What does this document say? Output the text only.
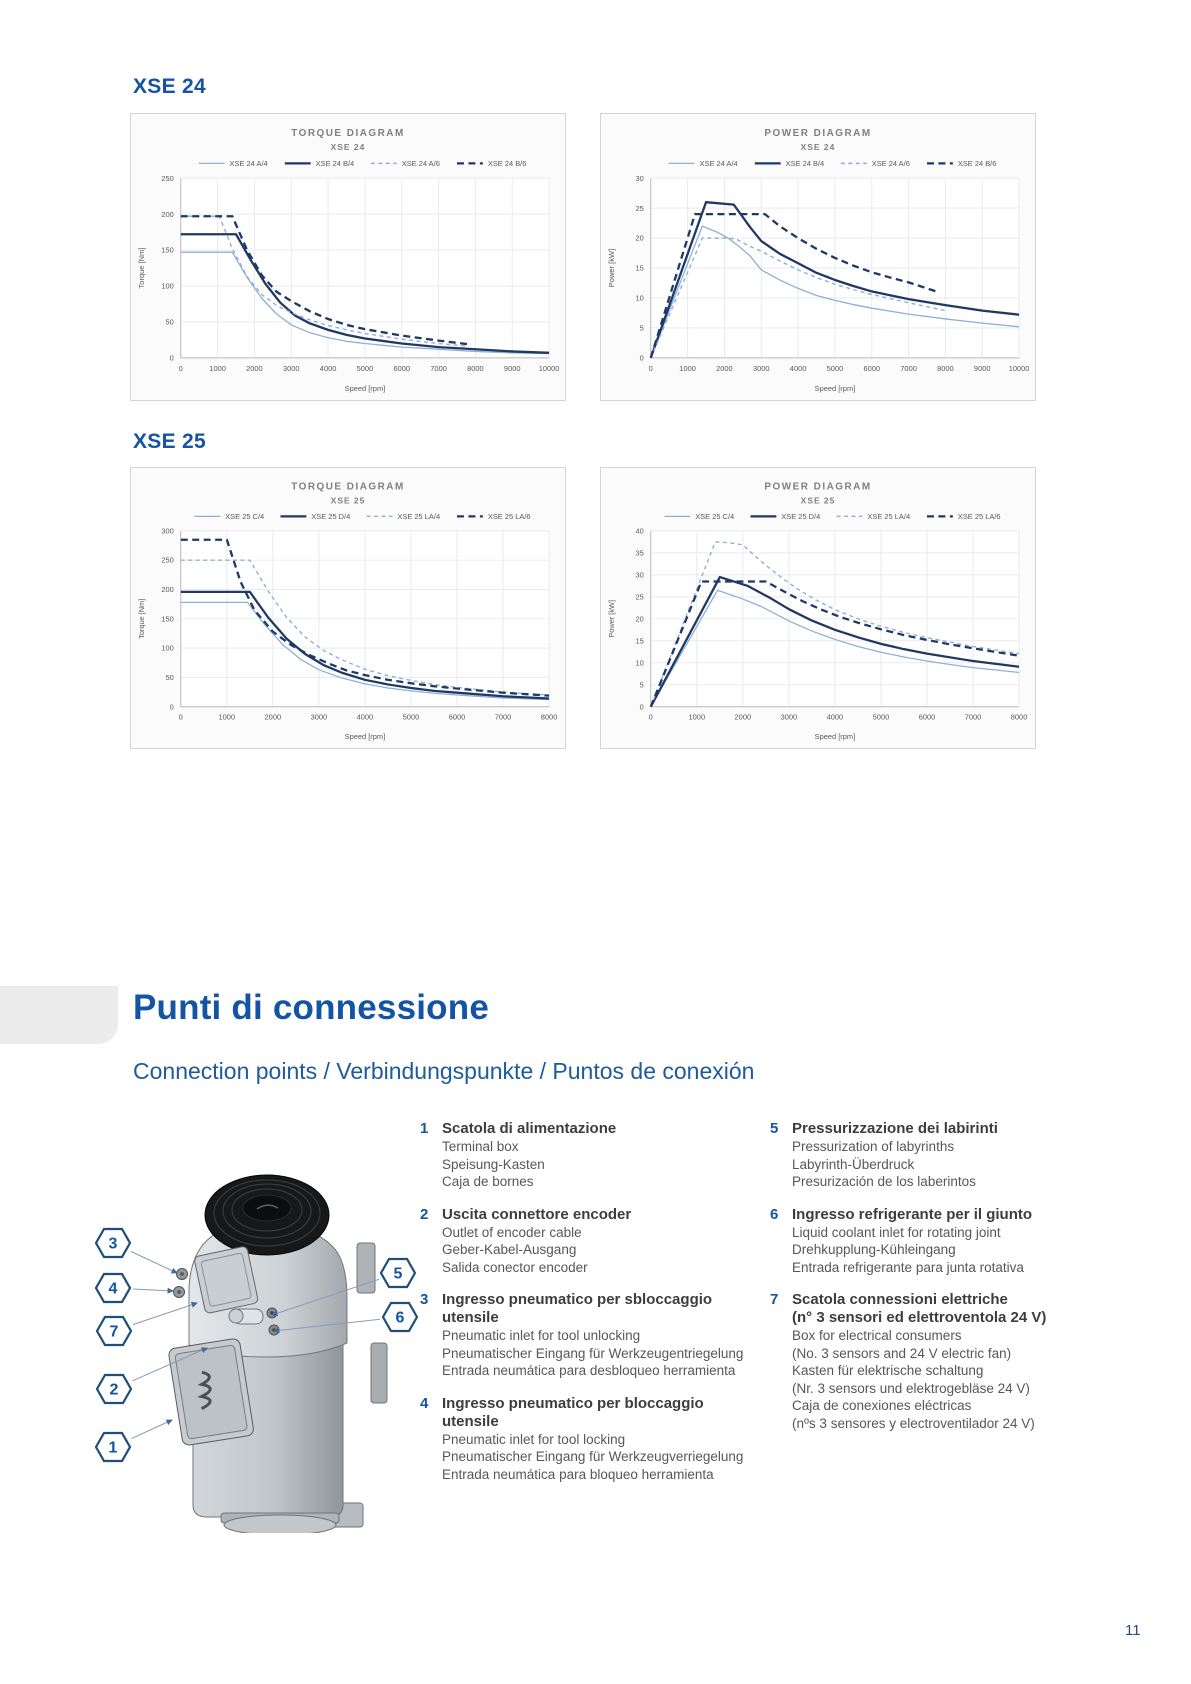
XSE 24
XSE 25
0	1000	2000	3000	4000	5000	6000	7000	8000	9000 10000
0
50
100
150
200
250
TORQUE DIAGRAM
XSE 24
XSE 24 A/4	XSE 24 B/4	XSE 24 A/6	XSE 24 B/6
Speed [rpm]
Torque [Nm]
0	1000	2000	3000	4000	5000	6000	7000	8000	9000 10000
0
5
10
15
20
25
30
POWER DIAGRAM
XSE 24
XSE 24 A/4	XSE 24 B/4	XSE 24 A/6	XSE 24 B/6
Speed [rpm]
Power [kW]
0	1000	2000	3000	4000	5000	6000	7000	8000
0
50
100
150
200
250
300
TORQUE DIAGRAM
XSE 25
XSE 25 C/4	XSE 25 D/4	XSE 25 LA/4	XSE 25 LA/6
Speed [rpm]
Torque [Nm]
0	1000	2000	3000	4000	5000	6000	7000	8000
0
5
10
15
20
25
30
35
40
POWER DIAGRAM
XSE 25
XSE 25 C/4	XSE 25 D/4	XSE 25 LA/4	XSE 25 LA/6
Speed [rpm]
Power [kW]
Punti di connessione
Connection points / Verbindungspunkte / Puntos de conexión
3
4
7
2
1
5
6
1 Scatola di alimentazione
Terminal box
Speisung-Kasten
Caja de bornes
2 Uscita connettore encoder
Outlet of encoder cable
Geber-Kabel-Ausgang
Salida conector encoder
3 Ingresso pneumatico per sbloccaggio utensile
Pneumatic inlet for tool unlocking
Pneumatischer Eingang für Werkzeugentriegelung
Entrada neumática para desbloqueo herramienta
4 Ingresso pneumatico per bloccaggio utensile
Pneumatic inlet for tool locking
Pneumatischer Eingang für Werkzeugverriegelung
Entrada neumática para bloqueo herramienta
5 Pressurizzazione dei labirinti
Pressurization of labyrinths
Labyrinth-Überdruck
Presurización de los laberintos
6 Ingresso refrigerante per il giunto
Liquid coolant inlet for rotating joint
Drehkupplung-Kühleingang
Entrada refrigerante para junta rotativa
7 Scatola connessioni elettriche
(n° 3 sensori ed elettroventola 24 V)
Box for electrical consumers
(No. 3 sensors and 24 V electric fan)
Kasten für elektrische schaltung
(Nr. 3 sensors und elektrogebläse 24 V)
Caja de conexiones eléctricas
(nºs 3 sensores y electroventilador 24 V)
11
